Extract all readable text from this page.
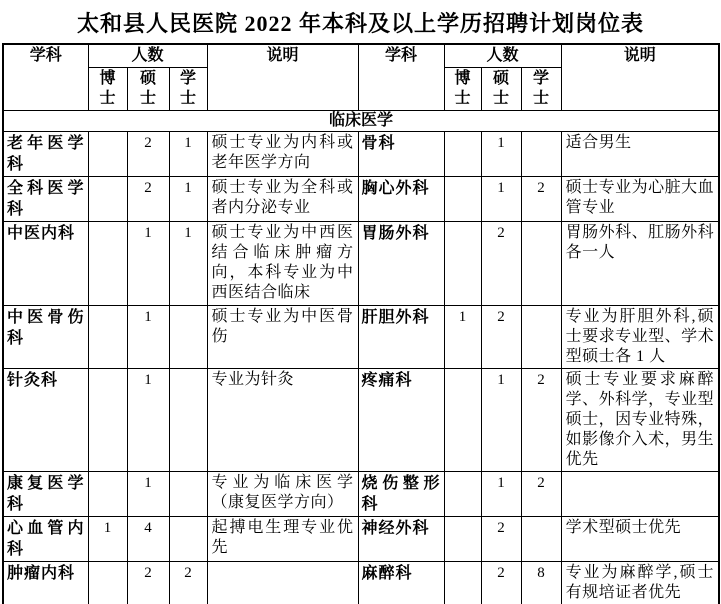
太和县人民医院 2022 年本科及以上学历招聘计划岗位表
学科	人数			说明	学科	人数			说明
	博士	硕士	学士			博士	硕士	学士	
临床医学									
老年医学科		2	1	硕士专业为内科或老年医学方向	骨科		1		适合男生
全科医学科		2	1	硕士专业为全科或者内分泌专业	胸心外科		1	2	硕士专业为心脏大血管专业
中医内科		1	1	硕士专业为中西医结合临床肿瘤方向，本科专业为中西医结合临床	胃肠外科		2		胃肠外科、肛肠外科各一人
中医骨伤科		1		硕士专业为中医骨伤	肝胆外科	1	2		专业为肝胆外科,硕士要求专业型、学术型硕士各 1 人
针灸科		1		专业为针灸	疼痛科		1	2	硕士专业要求麻醉学、外科学，专业型硕士，因专业特殊，如影像介入术，男生优先
康复医学科		1		专业为临床医学（康复医学方向）	烧伤整形科		1	2	
心血管内科	1	4		起搏电生理专业优先	神经外科		2		学术型硕士优先
肿瘤内科		2	2		麻醉科		2	8	专业为麻醉学,硕士有规培证者优先
